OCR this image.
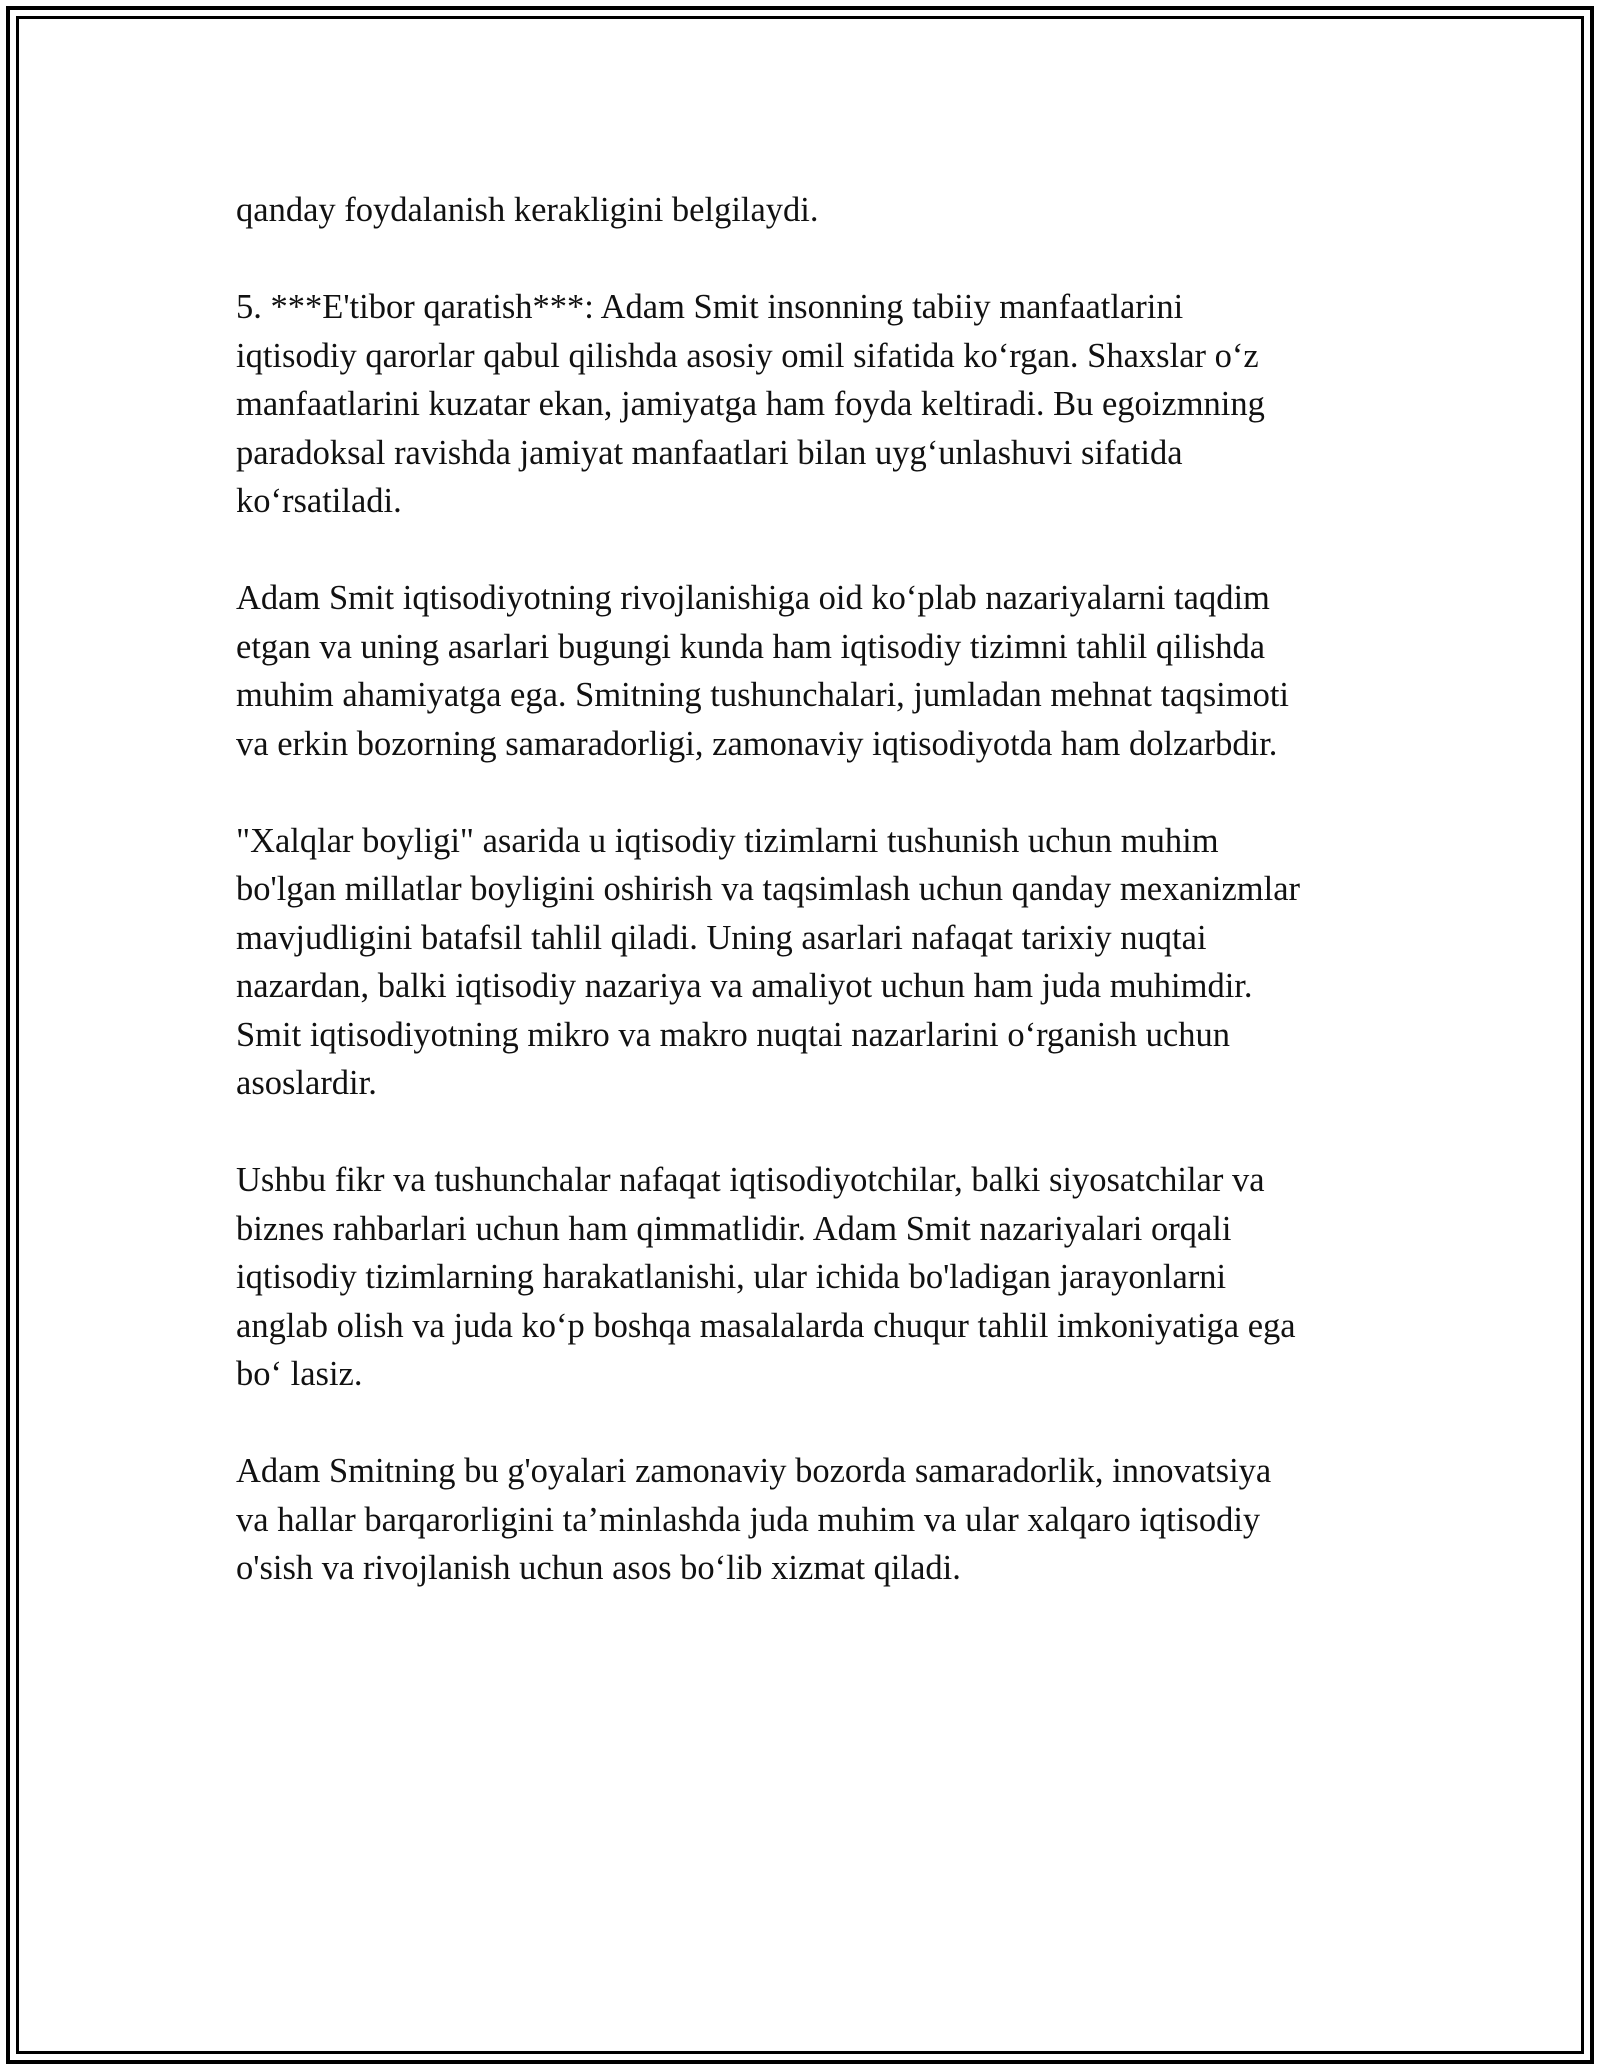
qanday foydalanish kerakligini belgilaydi.

5. ***E'tibor qaratish***: Adam Smit insonning tabiiy manfaatlarini
iqtisodiy qarorlar qabul qilishda asosiy omil sifatida ko‘rgan. Shaxslar o‘z
manfaatlarini kuzatar ekan, jamiyatga ham foyda keltiradi. Bu egoizmning
paradoksal ravishda jamiyat manfaatlari bilan uyg‘unlashuvi sifatida
ko‘rsatiladi.

Adam Smit iqtisodiyotning rivojlanishiga oid ko‘plab nazariyalarni taqdim
etgan va uning asarlari bugungi kunda ham iqtisodiy tizimni tahlil qilishda
muhim ahamiyatga ega. Smitning tushunchalari, jumladan mehnat taqsimoti
va erkin bozorning samaradorligi, zamonaviy iqtisodiyotda ham dolzarbdir.

"Xalqlar boyligi" asarida u iqtisodiy tizimlarni tushunish uchun muhim
bo'lgan millatlar boyligini oshirish va taqsimlash uchun qanday mexanizmlar
mavjudligini batafsil tahlil qiladi. Uning asarlari nafaqat tarixiy nuqtai
nazardan, balki iqtisodiy nazariya va amaliyot uchun ham juda muhimdir.
Smit iqtisodiyotning mikro va makro nuqtai nazarlarini o‘rganish uchun
asoslardir.

Ushbu fikr va tushunchalar nafaqat iqtisodiyotchilar, balki siyosatchilar va
biznes rahbarlari uchun ham qimmatlidir. Adam Smit nazariyalari orqali
iqtisodiy tizimlarning harakatlanishi, ular ichida bo'ladigan jarayonlarni
anglab olish va juda ko‘p boshqa masalalarda chuqur tahlil imkoniyatiga ega
bo‘ lasiz.

Adam Smitning bu g'oyalari zamonaviy bozorda samaradorlik, innovatsiya
va hallar barqarorligini ta’minlashda juda muhim va ular xalqaro iqtisodiy
o'sish va rivojlanish uchun asos bo‘lib xizmat qiladi.
